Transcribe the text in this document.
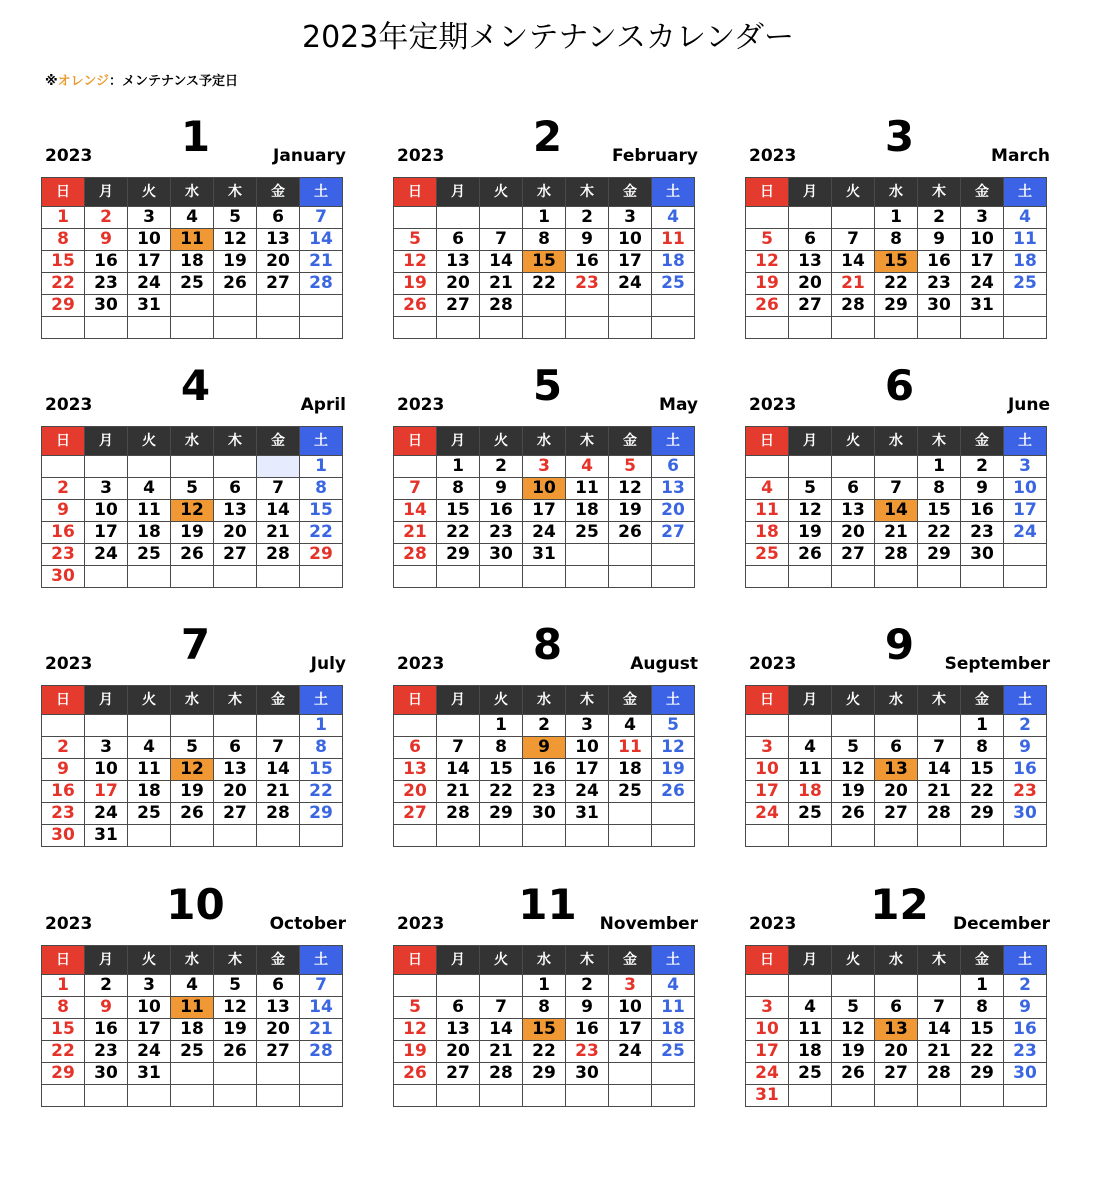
2023年定期メンテナンスカレンダー
※オレンジ：メンテナンス予定日
2023	1	January
日	月	火	水	木	金	土
1	2	3	4	5	6	7
8	9	10	11	12	13	14
15	16	17	18	19	20	21
22	23	24	25	26	27	28
29	30	31				

2023	2	February
日	月	火	水	木	金	土
			1	2	3	4
5	6	7	8	9	10	11
12	13	14	15	16	17	18
19	20	21	22	23	24	25
26	27	28				

2023	3	March
日	月	火	水	木	金	土
			1	2	3	4
5	6	7	8	9	10	11
12	13	14	15	16	17	18
19	20	21	22	23	24	25
26	27	28	29	30	31	

2023	4	April
日	月	火	水	木	金	土
						1
2	3	4	5	6	7	8
9	10	11	12	13	14	15
16	17	18	19	20	21	22
23	24	25	26	27	28	29
30						
2023	5	May
日	月	火	水	木	金	土
	1	2	3	4	5	6
7	8	9	10	11	12	13
14	15	16	17	18	19	20
21	22	23	24	25	26	27
28	29	30	31			

2023	6	June
日	月	火	水	木	金	土
				1	2	3
4	5	6	7	8	9	10
11	12	13	14	15	16	17
18	19	20	21	22	23	24
25	26	27	28	29	30	

2023	7	July
日	月	火	水	木	金	土
						1
2	3	4	5	6	7	8
9	10	11	12	13	14	15
16	17	18	19	20	21	22
23	24	25	26	27	28	29
30	31					
2023	8	August
日	月	火	水	木	金	土
		1	2	3	4	5
6	7	8	9	10	11	12
13	14	15	16	17	18	19
20	21	22	23	24	25	26
27	28	29	30	31		

2023	9	September
日	月	火	水	木	金	土
					1	2
3	4	5	6	7	8	9
10	11	12	13	14	15	16
17	18	19	20	21	22	23
24	25	26	27	28	29	30

2023	10	October
日	月	火	水	木	金	土
1	2	3	4	5	6	7
8	9	10	11	12	13	14
15	16	17	18	19	20	21
22	23	24	25	26	27	28
29	30	31				

2023	11	November
日	月	火	水	木	金	土
			1	2	3	4
5	6	7	8	9	10	11
12	13	14	15	16	17	18
19	20	21	22	23	24	25
26	27	28	29	30		

2023	12	December
日	月	火	水	木	金	土
					1	2
3	4	5	6	7	8	9
10	11	12	13	14	15	16
17	18	19	20	21	22	23
24	25	26	27	28	29	30
31						
